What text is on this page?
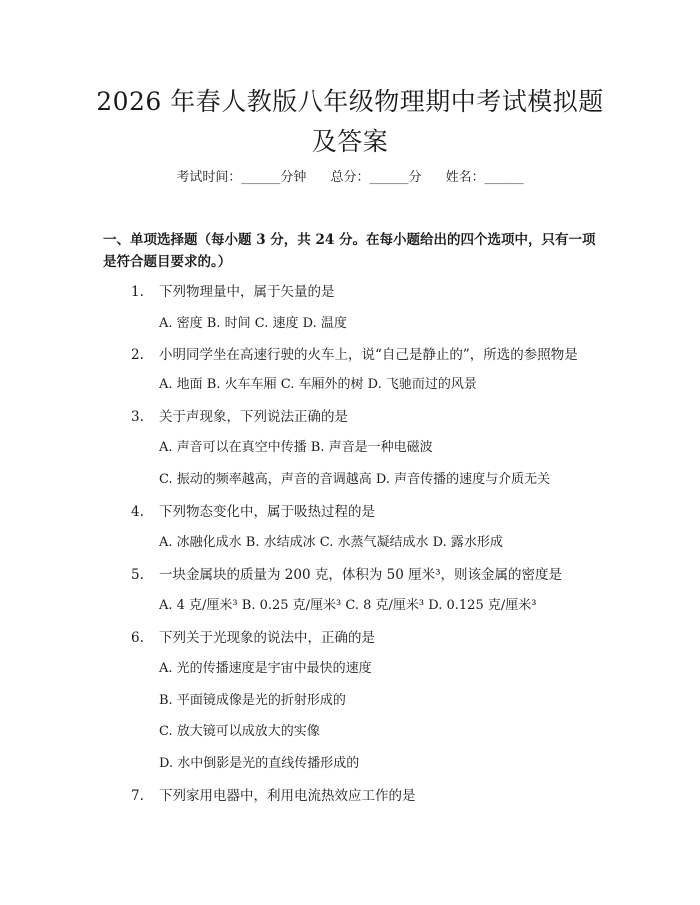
2026 年春人教版八年级物理期中考试模拟题
及答案
考试时间：______分钟 总分：______分 姓名：______
一、单项选择题（每小题 3 分，共 24 分。在每小题给出的四个选项中，只有一项
是符合题目要求的。）
1. 下列物理量中，属于矢量的是
A. 密度 B. 时间 C. 速度 D. 温度
2. 小明同学坐在高速行驶的火车上，说“自己是静止的”，所选的参照物是
A. 地面 B. 火车车厢 C. 车厢外的树 D. 飞驰而过的风景
3. 关于声现象，下列说法正确的是
A. 声音可以在真空中传播 B. 声音是一种电磁波
C. 振动的频率越高，声音的音调越高 D. 声音传播的速度与介质无关
4. 下列物态变化中，属于吸热过程的是
A. 冰融化成水 B. 水结成冰 C. 水蒸气凝结成水 D. 露水形成
5. 一块金属块的质量为 200 克，体积为 50 厘米³，则该金属的密度是
A. 4 克/厘米³ B. 0.25 克/厘米³ C. 8 克/厘米³ D. 0.125 克/厘米³
6. 下列关于光现象的说法中，正确的是
A. 光的传播速度是宇宙中最快的速度
B. 平面镜成像是光的折射形成的
C. 放大镜可以成放大的实像
D. 水中倒影是光的直线传播形成的
7. 下列家用电器中，利用电流热效应工作的是
